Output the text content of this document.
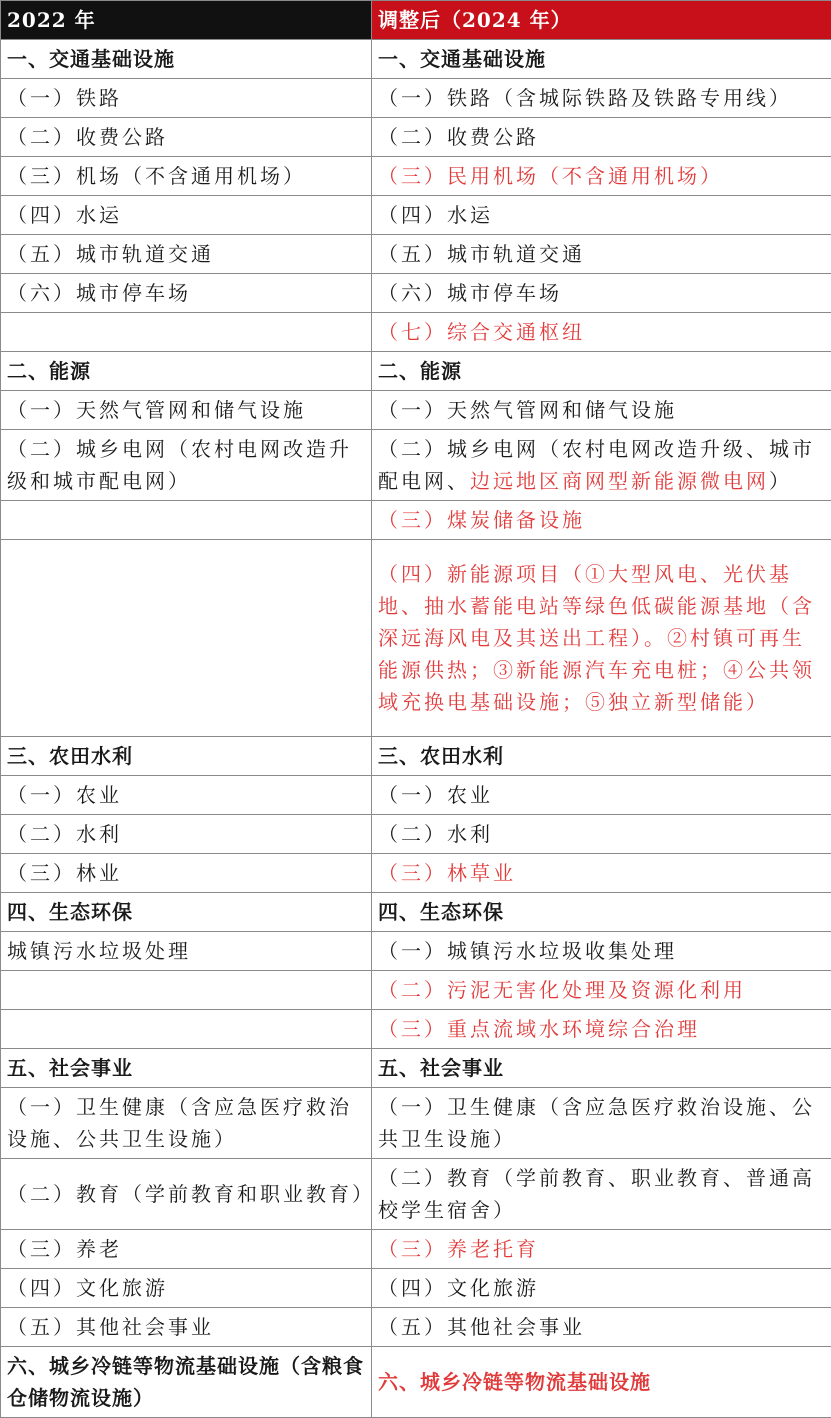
2022 年	调整后（2024 年）
一、交通基础设施	一、交通基础设施
（一）铁路	（一）铁路（含城际铁路及铁路专用线）
（二）收费公路	（二）收费公路
（三）机场（不含通用机场）	（三）民用机场（不含通用机场）
（四）水运	（四）水运
（五）城市轨道交通	（五）城市轨道交通
（六）城市停车场	（六）城市停车场
	（七）综合交通枢纽
二、能源	二、能源
（一）天然气管网和储气设施	（一）天然气管网和储气设施
（二）城乡电网（农村电网改造升级和城市配电网）	（二）城乡电网（农村电网改造升级、城市配电网、边远地区商网型新能源微电网）
	（三）煤炭储备设施
	（四）新能源项目（①大型风电、光伏基地、抽水蓄能电站等绿色低碳能源基地（含深远海风电及其送出工程）。②村镇可再生能源供热；③新能源汽车充电桩；④公共领域充换电基础设施；⑤独立新型储能）
三、农田水利	三、农田水利
（一）农业	（一）农业
（二）水利	（二）水利
（三）林业	（三）林草业
四、生态环保	四、生态环保
城镇污水垃圾处理	（一）城镇污水垃圾收集处理
	（二）污泥无害化处理及资源化利用
	（三）重点流域水环境综合治理
五、社会事业	五、社会事业
（一）卫生健康（含应急医疗救治设施、公共卫生设施）	（一）卫生健康（含应急医疗救治设施、公共卫生设施）
（二）教育（学前教育和职业教育）	（二）教育（学前教育、职业教育、普通高校学生宿舍）
（三）养老	（三）养老托育
（四）文化旅游	（四）文化旅游
（五）其他社会事业	（五）其他社会事业
六、城乡冷链等物流基础设施（含粮食仓储物流设施）	六、城乡冷链等物流基础设施
